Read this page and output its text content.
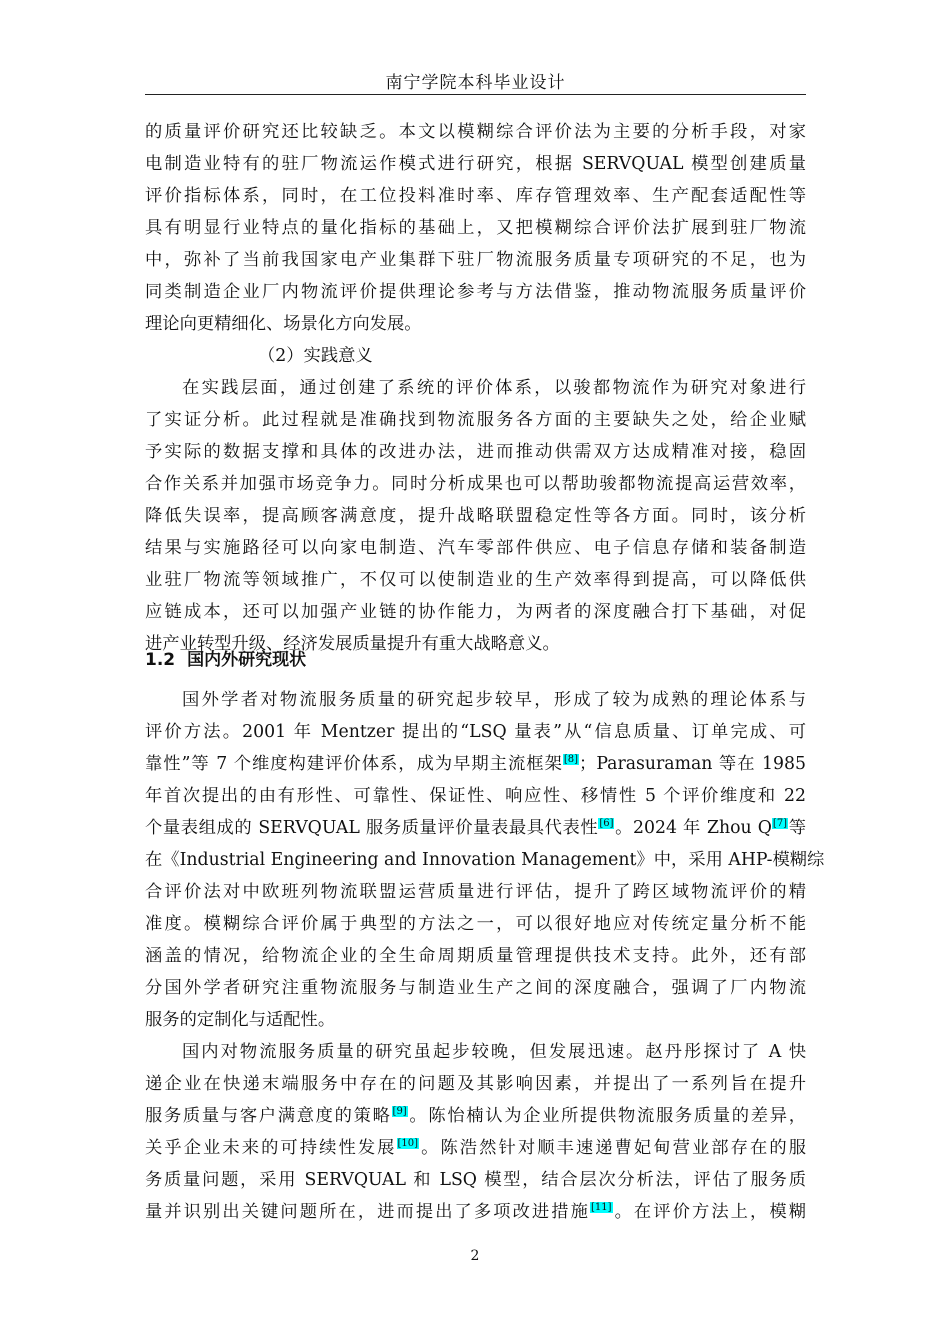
南宁学院本科毕业设计
的质量评价研究还比较缺乏。本文以模糊综合评价法为主要的分析手段，对家
电制造业特有的驻厂物流运作模式进行研究，根据 SERVQUAL 模型创建质量
评价指标体系，同时，在工位投料准时率、库存管理效率、生产配套适配性等
具有明显行业特点的量化指标的基础上，又把模糊综合评价法扩展到驻厂物流
中，弥补了当前我国家电产业集群下驻厂物流服务质量专项研究的不足，也为
同类制造企业厂内物流评价提供理论参考与方法借鉴，推动物流服务质量评价
理论向更精细化、场景化方向发展。
（2）实践意义
在实践层面，通过创建了系统的评价体系，以骏都物流作为研究对象进行
了实证分析。此过程就是准确找到物流服务各方面的主要缺失之处，给企业赋
予实际的数据支撑和具体的改进办法，进而推动供需双方达成精准对接，稳固
合作关系并加强市场竞争力。同时分析成果也可以帮助骏都物流提高运营效率，
降低失误率，提高顾客满意度，提升战略联盟稳定性等各方面。同时，该分析
结果与实施路径可以向家电制造、汽车零部件供应、电子信息存储和装备制造
业驻厂物流等领域推广，不仅可以使制造业的生产效率得到提高，可以降低供
应链成本，还可以加强产业链的协作能力，为两者的深度融合打下基础，对促
进产业转型升级、经济发展质量提升有重大战略意义。
1.2 国内外研究现状
国外学者对物流服务质量的研究起步较早，形成了较为成熟的理论体系与
评价方法。2001 年 Mentzer 提出的“LSQ 量表”从“信息质量、订单完成、可
靠性”等 7 个维度构建评价体系，成为早期主流框架[8]；Parasuraman 等在 1985
年首次提出的由有形性、可靠性、保证性、响应性、移情性 5 个评价维度和 22
个量表组成的 SERVQUAL 服务质量评价量表最具代表性[6]。2024 年 Zhou Q[7]等
在《Industrial Engineering and Innovation Management》中，采用 AHP-模糊综
合评价法对中欧班列物流联盟运营质量进行评估，提升了跨区域物流评价的精
准度。模糊综合评价属于典型的方法之一，可以很好地应对传统定量分析不能
涵盖的情况，给物流企业的全生命周期质量管理提供技术支持。此外，还有部
分国外学者研究注重物流服务与制造业生产之间的深度融合，强调了厂内物流
服务的定制化与适配性。
国内对物流服务质量的研究虽起步较晚，但发展迅速。赵丹彤探讨了 A 快
递企业在快递末端服务中存在的问题及其影响因素，并提出了一系列旨在提升
服务质量与客户满意度的策略[9]。陈怡楠认为企业所提供物流服务质量的差异，
关乎企业未来的可持续性发展[10]。陈浩然针对顺丰速递曹妃甸营业部存在的服
务质量问题，采用 SERVQUAL 和 LSQ 模型，结合层次分析法，评估了服务质
量并识别出关键问题所在，进而提出了多项改进措施[11]。在评价方法上，模糊
2
